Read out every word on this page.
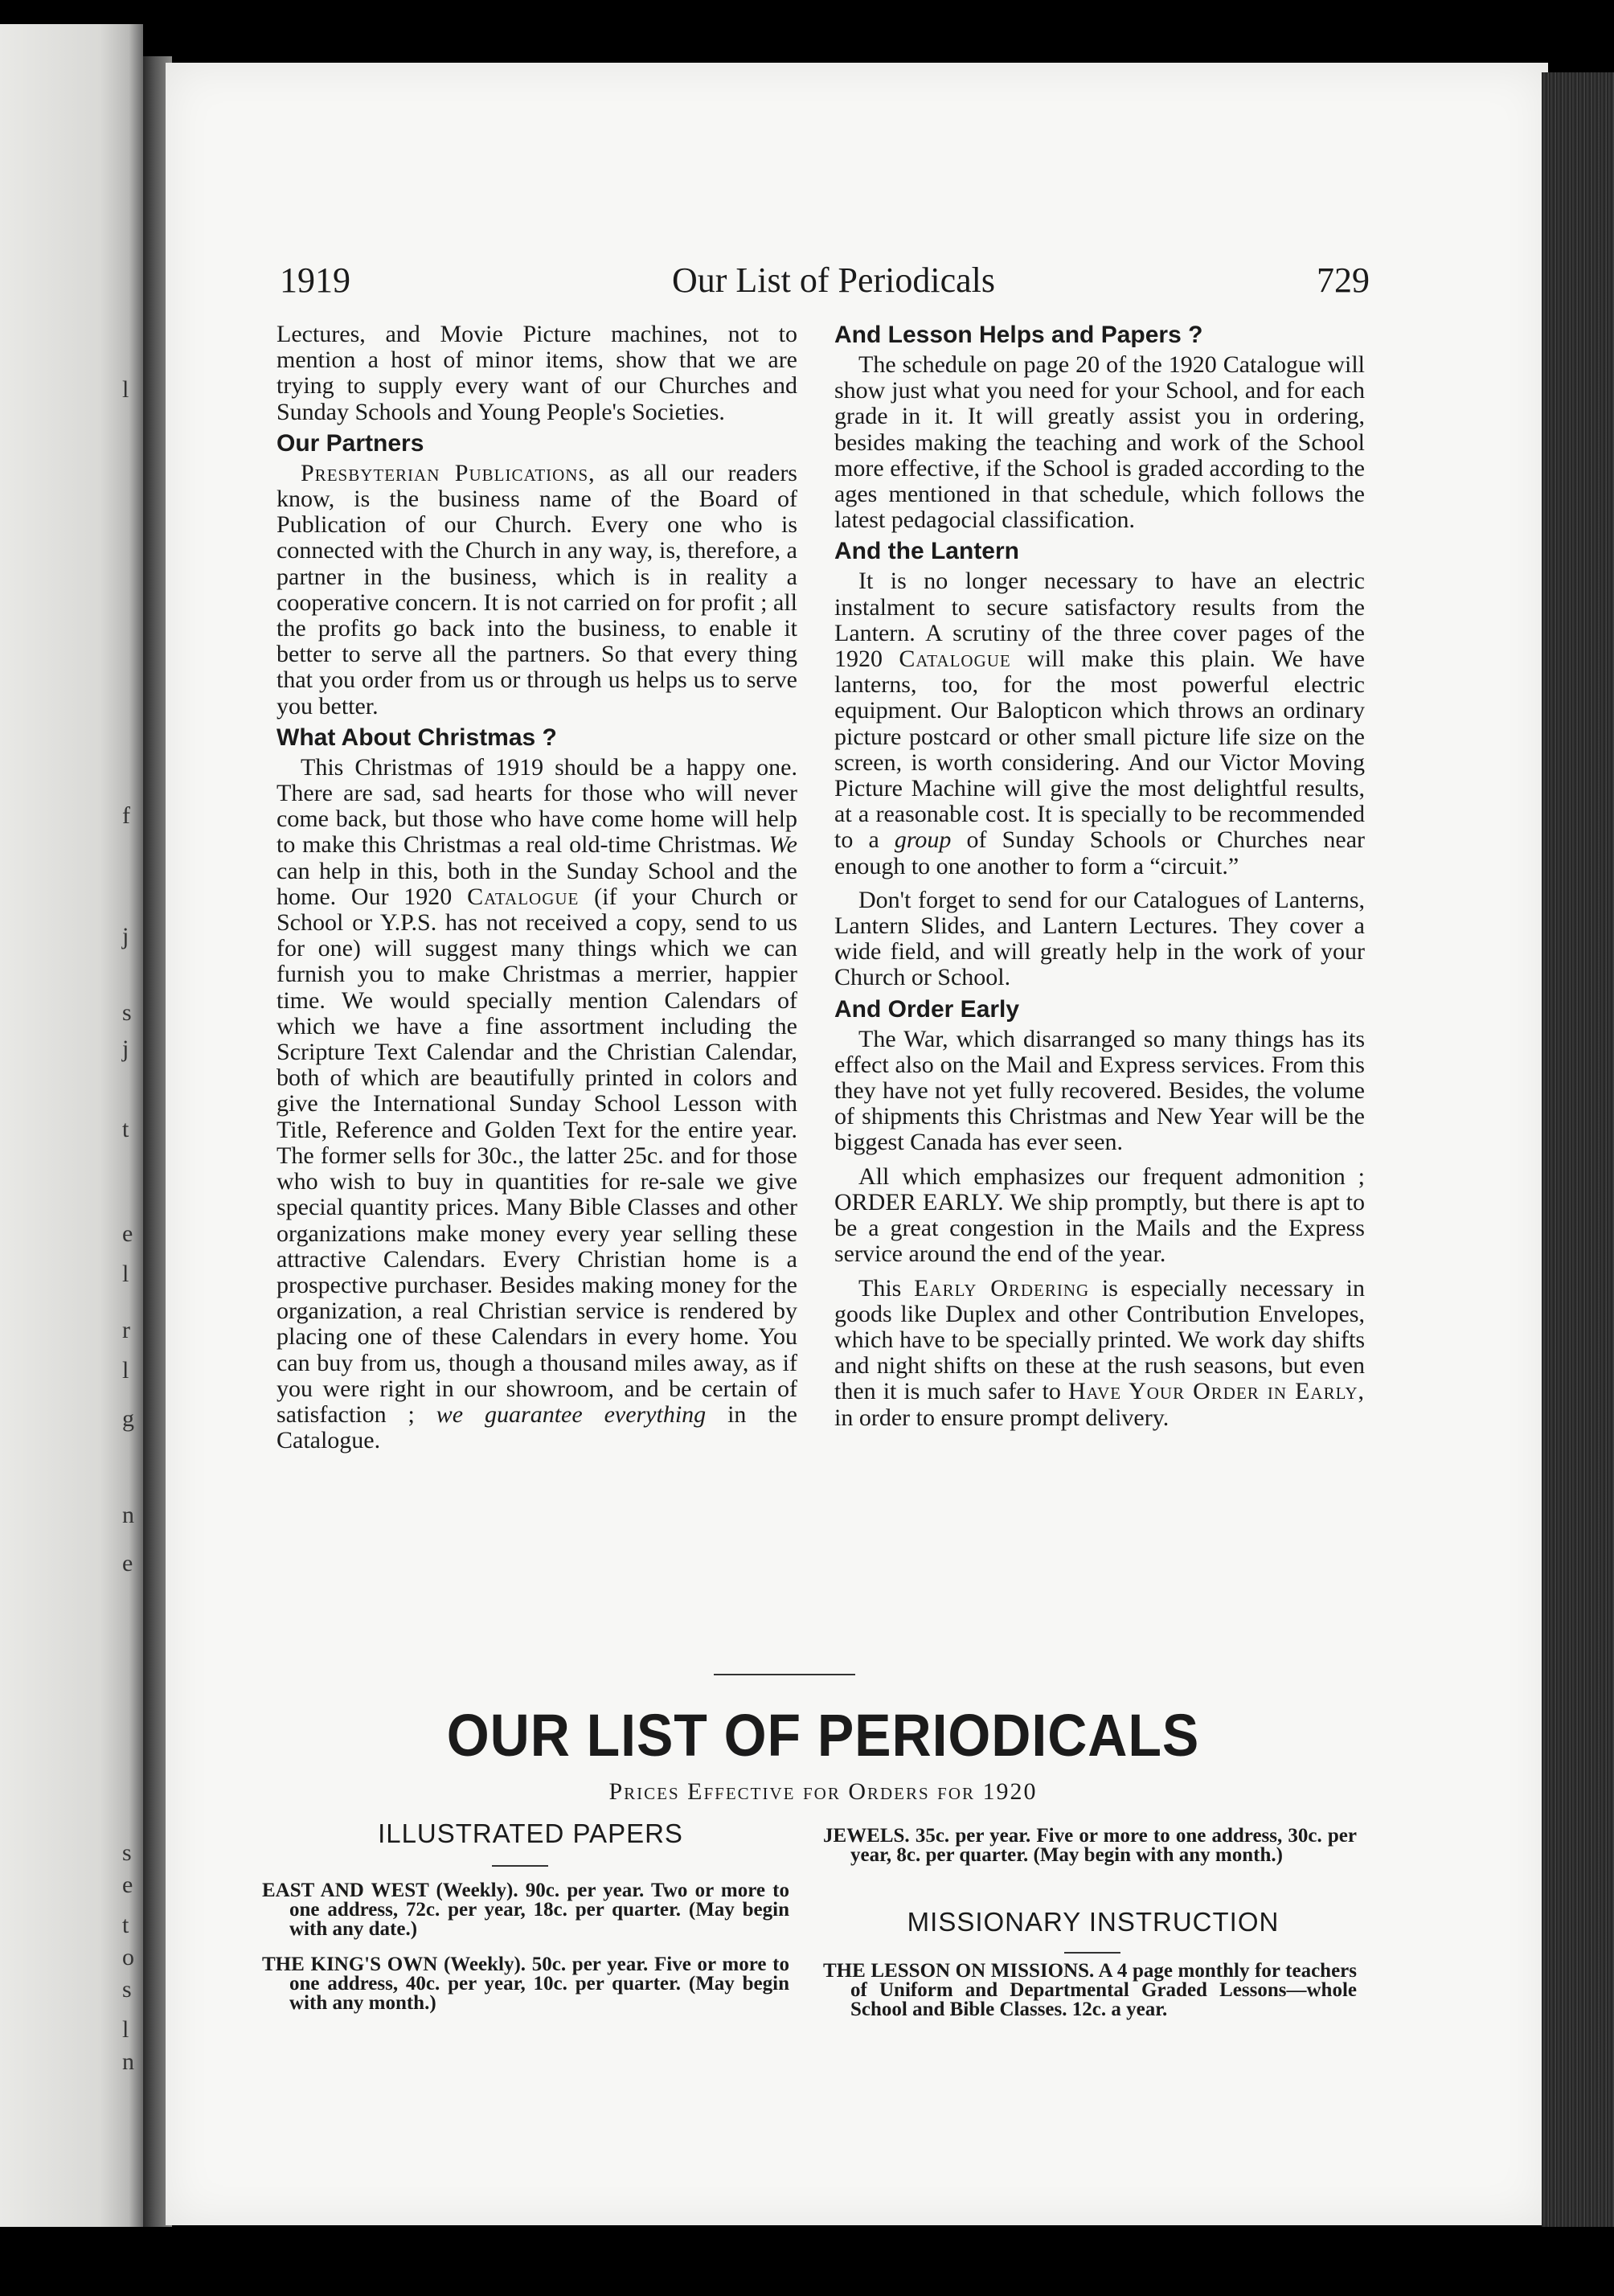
l
f
j
s
j
t
e
l
r
l
g
n
e
s
e
t
o
s
l
n
1919	Our List of Periodicals	729

Lectures, and Movie Picture machines, not to mention a host of minor items, show that we are trying to supply every want of our Churches and Sunday Schools and Young People's Societies.

Our Partners

Presbyterian Publications, as all our readers know, is the business name of the Board of Publication of our Church. Every one who is connected with the Church in any way, is, therefore, a partner in the business, which is in reality a cooperative concern. It is not carried on for profit ; all the profits go back into the business, to enable it better to serve all the partners. So that every thing that you order from us or through us helps us to serve you better.

What About Christmas ?

This Christmas of 1919 should be a happy one. There are sad, sad hearts for those who will never come back, but those who have come home will help to make this Christmas a real old-time Christmas. We can help in this, both in the Sunday School and the home. Our 1920 Catalogue (if your Church or School or Y.P.S. has not received a copy, send to us for one) will suggest many things which we can furnish you to make Christmas a merrier, happier time. We would specially mention Calendars of which we have a fine assortment including the Scripture Text Calendar and the Christian Calendar, both of which are beautifully printed in colors and give the International Sunday School Lesson with Title, Reference and Golden Text for the entire year. The former sells for 30c., the latter 25c. and for those who wish to buy in quantities for re-sale we give special quantity prices. Many Bible Classes and other organizations make money every year selling these attractive Calendars. Every Christian home is a prospective purchaser. Besides making money for the organization, a real Christian service is rendered by placing one of these Calendars in every home. You can buy from us, though a thousand miles away, as if you were right in our showroom, and be certain of satisfaction ; we guarantee everything in the Catalogue.

And Lesson Helps and Papers ?

The schedule on page 20 of the 1920 Catalogue will show just what you need for your School, and for each grade in it. It will greatly assist you in ordering, besides making the teaching and work of the School more effective, if the School is graded according to the ages mentioned in that schedule, which follows the latest pedagocial classification.

And the Lantern

It is no longer necessary to have an electric instalment to secure satisfactory results from the Lantern. A scrutiny of the three cover pages of the 1920 Catalogue will make this plain. We have lanterns, too, for the most powerful electric equipment. Our Balopticon which throws an ordinary picture postcard or other small picture life size on the screen, is worth considering. And our Victor Moving Picture Machine will give the most delightful results, at a reasonable cost. It is specially to be recommended to a group of Sunday Schools or Churches near enough to one another to form a “circuit.”

Don't forget to send for our Catalogues of Lanterns, Lantern Slides, and Lantern Lectures. They cover a wide field, and will greatly help in the work of your Church or School.

And Order Early

The War, which disarranged so many things has its effect also on the Mail and Express services. From this they have not yet fully recovered. Besides, the volume of shipments this Christmas and New Year will be the biggest Canada has ever seen.

All which emphasizes our frequent admonition ; ORDER EARLY. We ship promptly, but there is apt to be a great congestion in the Mails and the Express service around the end of the year.

This Early Ordering is especially necessary in goods like Duplex and other Contribution Envelopes, which have to be specially printed. We work day shifts and night shifts on these at the rush seasons, but even then it is much safer to Have Your Order in Early, in order to ensure prompt delivery.

OUR LIST OF PERIODICALS
Prices Effective for Orders for 1920
ILLUSTRATED PAPERS
EAST AND WEST (Weekly). 90c. per year. Two or more to one address, 72c. per year, 18c. per quarter. (May begin with any date.)
THE KING'S OWN (Weekly). 50c. per year. Five or more to one address, 40c. per year, 10c. per quarter. (May begin with any month.)
JEWELS. 35c. per year. Five or more to one address, 30c. per year, 8c. per quarter. (May begin with any month.)
MISSIONARY INSTRUCTION
THE LESSON ON MISSIONS. A 4 page monthly for teachers of Uniform and Departmental Graded Lessons—whole School and Bible Classes. 12c. a year.
